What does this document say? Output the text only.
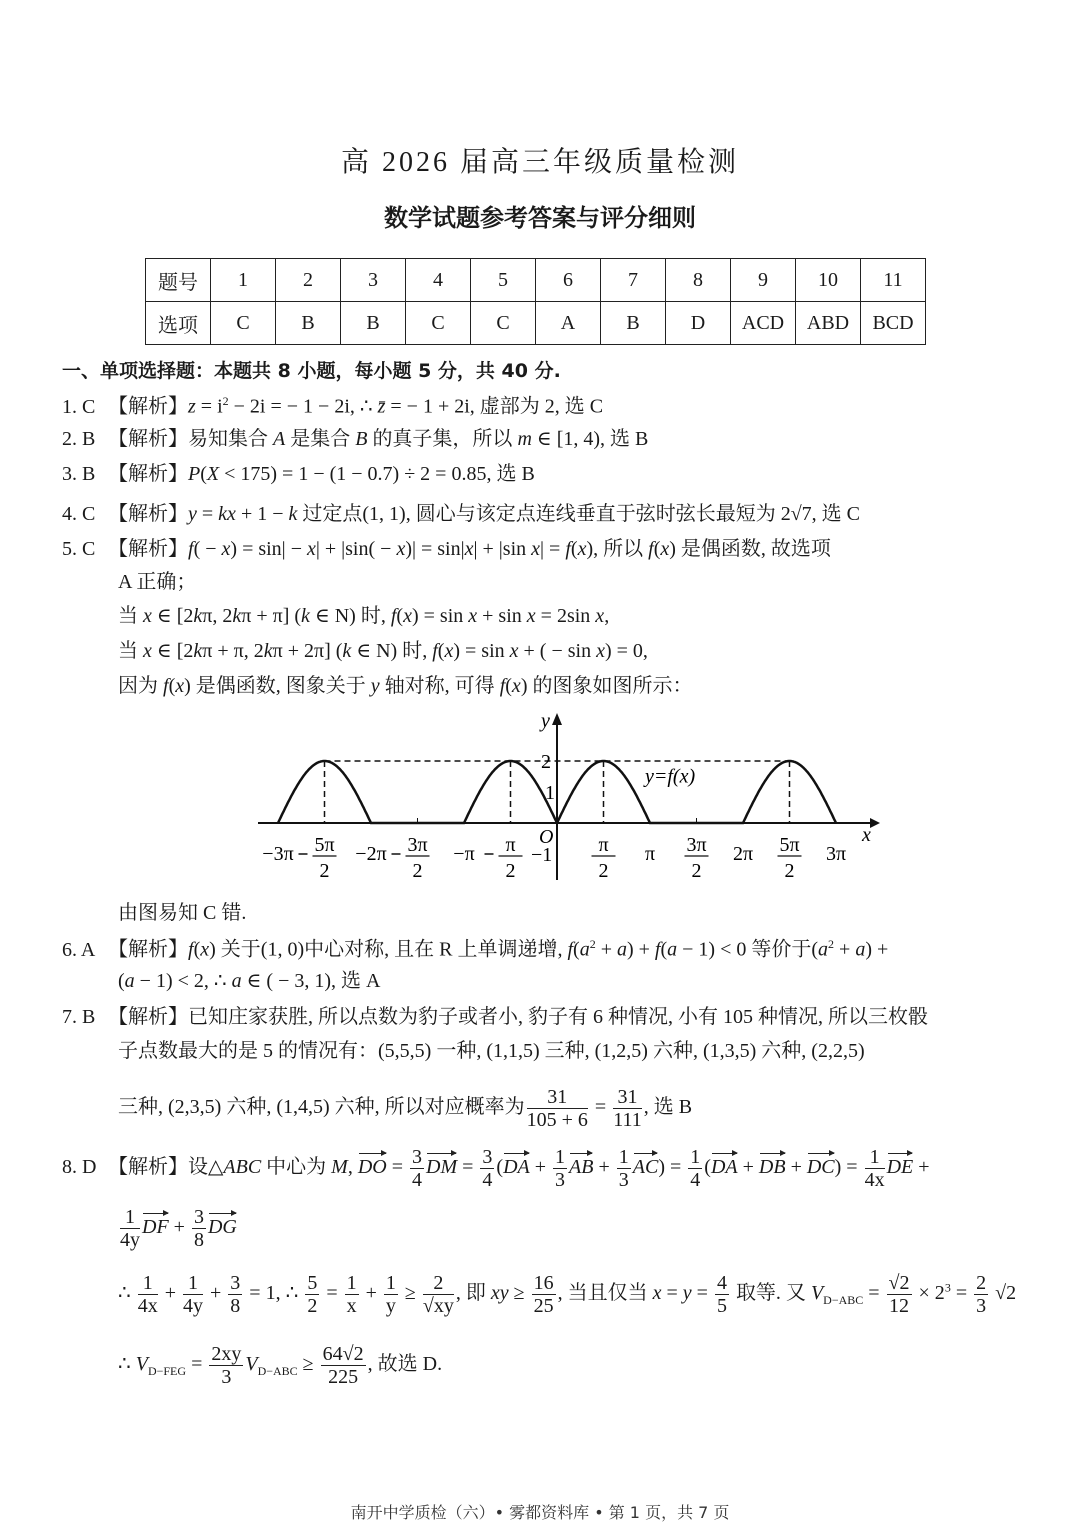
高 2026 届高三年级质量检测
数学试题参考答案与评分细则
题号	1	2	3	4	5	6	7	8	9	10	11
选项	C	B	B	C	C	A	B	D	ACD	ABD	BCD
一、单项选择题：本题共 8 小题，每小题 5 分，共 40 分.
1. C 【解析】$z = i^2 - 2i$ = − 1 − 2i, ∴ z̄ = − 1 + 2i, 虚部为 2, 选 C
2. B 【解析】易知集合 A 是集合 B 的真子集，所以 m ∈ [1, 4), 选 B
3. B 【解析】P(X < 175) = 1 − (1 − 0.7) ÷ 2 = 0.85, 选 B
4. C 【解析】y = kx + 1 − k 过定点(1, 1), 圆心与该定点连线垂直于弦时弦长最短为 2√7, 选 C
5. C 【解析】f( − x) = sin| − x| + |sin( − x)| = sin|x| + |sin x| = f(x), 所以 f(x) 是偶函数, 故选项
A 正确；
当 x ∈ [2kπ, 2kπ + π] (k ∈ N) 时, f(x) = sin x + sin x = 2sin x,
当 x ∈ [2kπ + π, 2kπ + 2π] (k ∈ N) 时, f(x) = sin x + ( − sin x) = 0,
因为 f(x) 是偶函数, 图象关于 y 轴对称, 可得 f(x) 的图象如图所示：
由图易知 C 错.
6. A 【解析】f(x) 关于(1, 0)中心对称, 且在 R 上单调递增, $f(a^2 + a) + f(a - 1) < 0$ 等价于$(a^2 + a)$ +
(a − 1) < 2, ∴ a ∈ ( − 3, 1), 选 A
7. B 【解析】已知庄家获胜, 所以点数为豹子或者小, 豹子有 6 种情况, 小有 105 种情况, 所以三枚骰
子点数最大的是 5 的情况有：(5,5,5) 一种, (1,1,5) 三种, (1,2,5) 六种, (1,3,5) 六种, (2,2,5)
三种, (2,3,5) 六种, (1,4,5) 六种, 所以对应概率为 $\frac{31}{105 + 6} = \frac{31}{111}$ , 选 B
8. D 【解析】设△ABC 中心为 M, DO = $\frac{3}{4}$ DM = $\frac{3}{4} (DA + \frac{1}{3}$ AB + $\frac{1}{3} AC) = \frac{1}{4} (DA$ + DB + $DC) = \frac{1}{4x}$ DE +
$\frac{1}{4y}$ DF + $\frac{3}{8}$ DG
∴ $\frac{1}{4x} + \frac{1}{4y} + \frac{3}{8} = 1$, ∴ $\frac{5}{2} = \frac{1}{x} + \frac{1}{y} \ge \frac{2}{√xy}$ , 即 xy ≥ $\frac{16}{25}$ , 当且仅当 $x = y = \frac{4}{5}$ 取等. 又 $V_{D-ABC} = \frac{√2}{12} \times 2^3 = \frac{2}{3} √2$
∴ $V_{D-FEG} = \frac{2xy}{3} V_{D-ABC} \ge \frac{64√2}{225}$ , 故选 D.
y
x
O
y=f(x)
2
1
−1
−3π 5π
2
−2π 3π
2
−π π
2
π
2
π 3π
2
2π 5π
2
3π
南开中学质检（六）• 雾都资料库 • 第 1 页，共 7 页
